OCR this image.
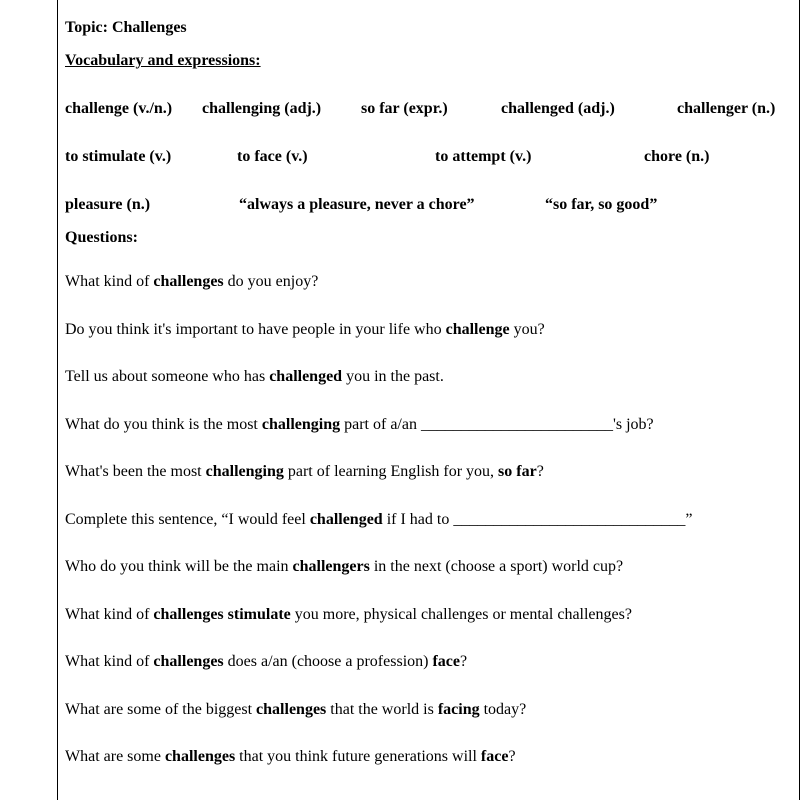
Topic: Challenges
Vocabulary and expressions:
challenge (v./n.) challenging (adj.) so far (expr.)	challenged (adj.)	challenger (n.)
to stimulate (v.)	to face (v.)	to attempt (v.)	chore (n.)
pleasure (n.)	“always a pleasure, never a chore”	“so far, so good”
Questions:
What kind of challenges do you enjoy?
Do you think it's important to have people in your life who challenge you?
Tell us about someone who has challenged you in the past.
What do you think is the most challenging part of a/an ________________________'s job?
What's been the most challenging part of learning English for you, so far?
Complete this sentence, “I would feel challenged if I had to _____________________________”
Who do you think will be the main challengers in the next (choose a sport) world cup?
What kind of challenges stimulate you more, physical challenges or mental challenges?
What kind of challenges does a/an (choose a profession) face?
What are some of the biggest challenges that the world is facing today?
What are some challenges that you think future generations will face?
